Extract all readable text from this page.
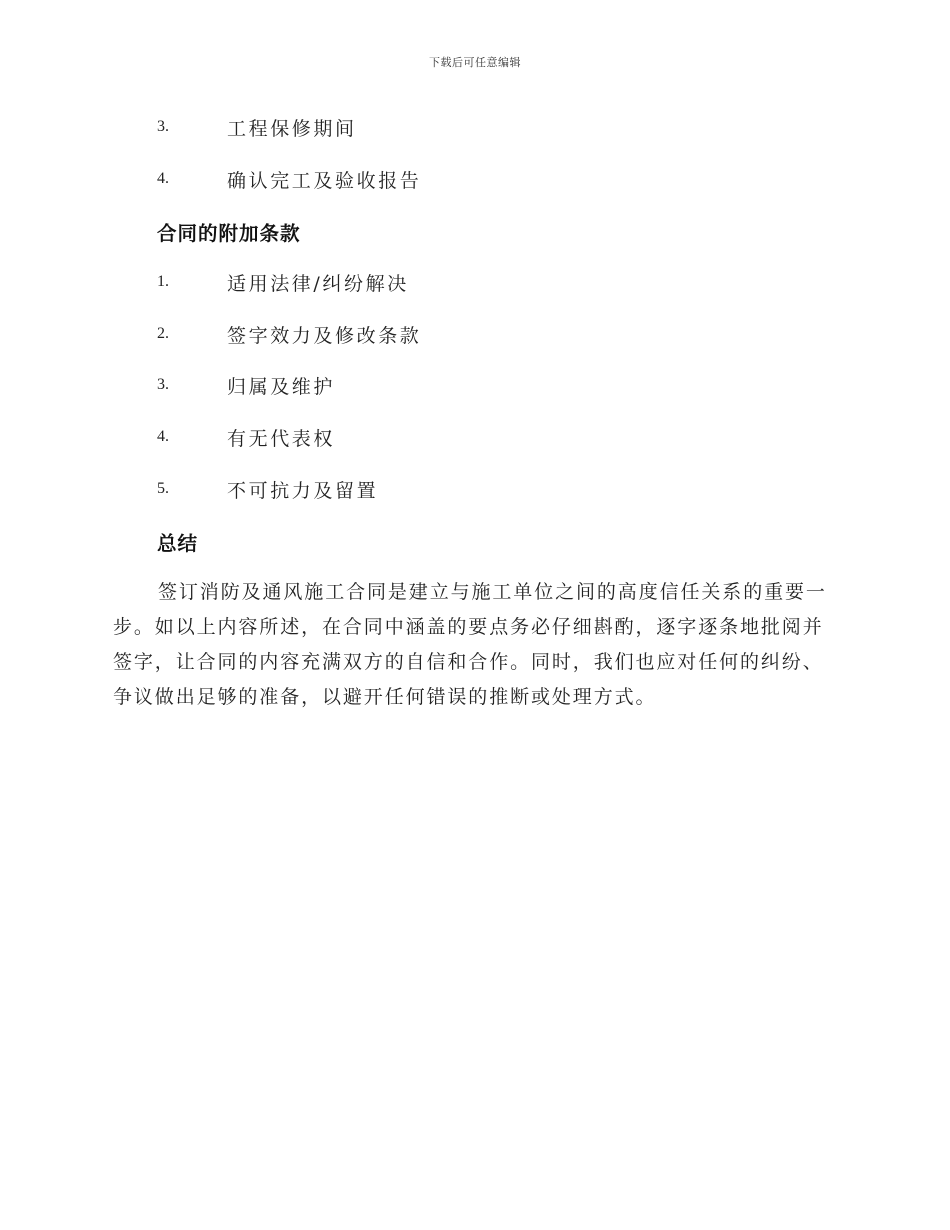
下载后可任意编辑
3.	工程保修期间
4.	确认完工及验收报告
合同的附加条款
1.	适用法律/纠纷解决
2.	签字效力及修改条款
3.	归属及维护
4.	有无代表权
5.	不可抗力及留置
总结

签订消防及通风施工合同是建立与施工单位之间的高度信任关系的重要一步。如以上内容所述，在合同中涵盖的要点务必仔细斟酌，逐字逐条地批阅并签字，让合同的内容充满双方的自信和合作。同时，我们也应对任何的纠纷、争议做出足够的准备，以避开任何错误的推断或处理方式。
